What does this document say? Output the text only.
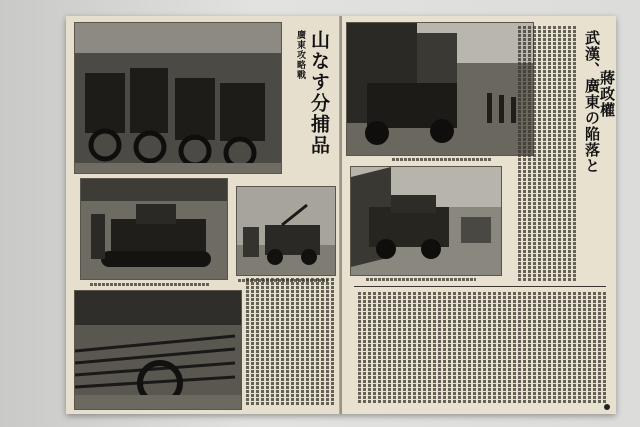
廣東攻略戰 山なす分捕品	武漢、廣東の陥落と
蔣政權
